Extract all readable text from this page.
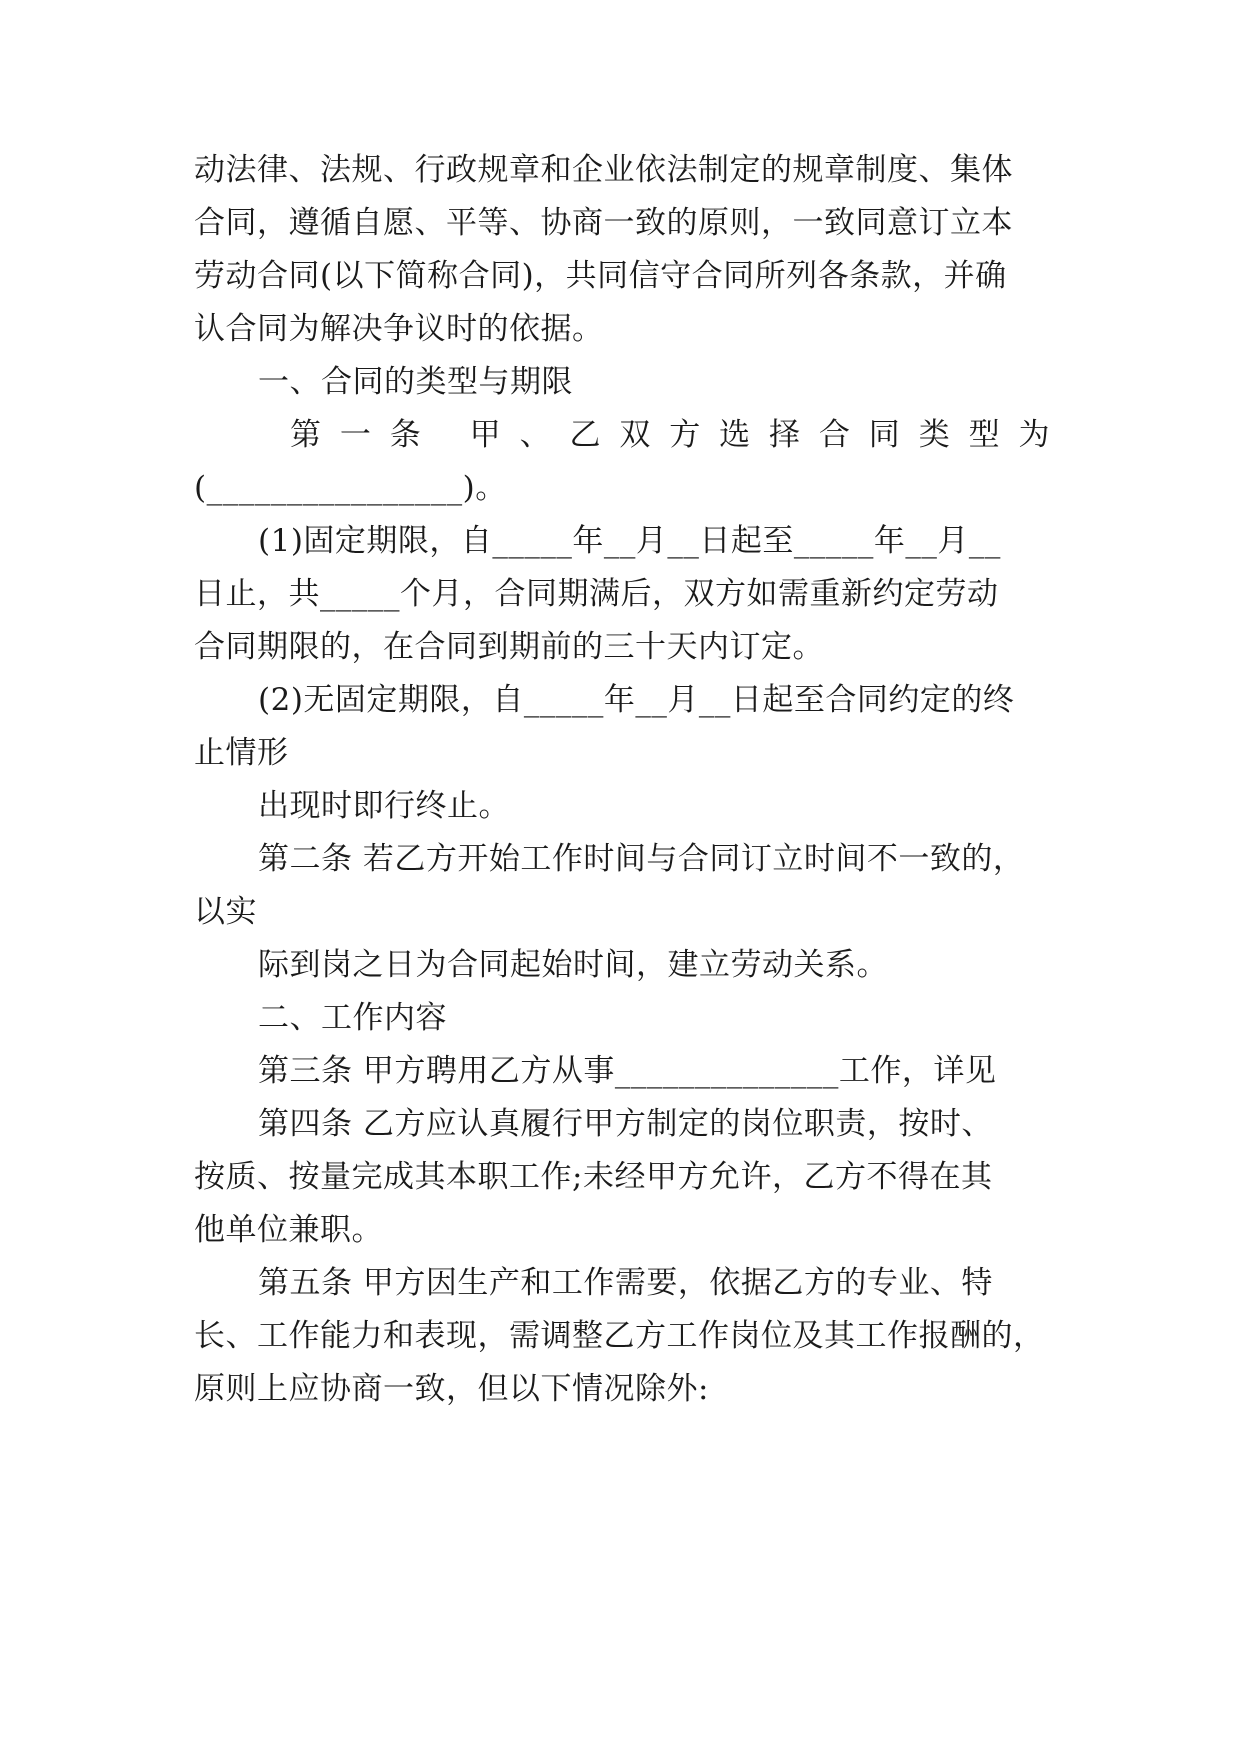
动法律、法规、行政规章和企业依法制定的规章制度、集体
合同，遵循自愿、平等、协商一致的原则，一致同意订立本
劳动合同(以下简称合同)，共同信守合同所列各条款，并确
认合同为解决争议时的依据。
一、合同的类型与期限
第 一 条 甲 、 乙 双 方 选 择 合 同 类 型 为
(________________)。
(1)固定期限，自_____年__月__日起至_____年__月__
日止，共_____个月，合同期满后，双方如需重新约定劳动
合同期限的，在合同到期前的三十天内订定。
(2)无固定期限，自_____年__月__日起至合同约定的终
止情形
出现时即行终止。
第二条 若乙方开始工作时间与合同订立时间不一致的，
以实
际到岗之日为合同起始时间，建立劳动关系。
二、工作内容
第三条 甲方聘用乙方从事______________工作，详见
第四条 乙方应认真履行甲方制定的岗位职责，按时、
按质、按量完成其本职工作;未经甲方允许，乙方不得在其
他单位兼职。
第五条 甲方因生产和工作需要，依据乙方的专业、特
长、工作能力和表现，需调整乙方工作岗位及其工作报酬的，
原则上应协商一致，但以下情况除外:
